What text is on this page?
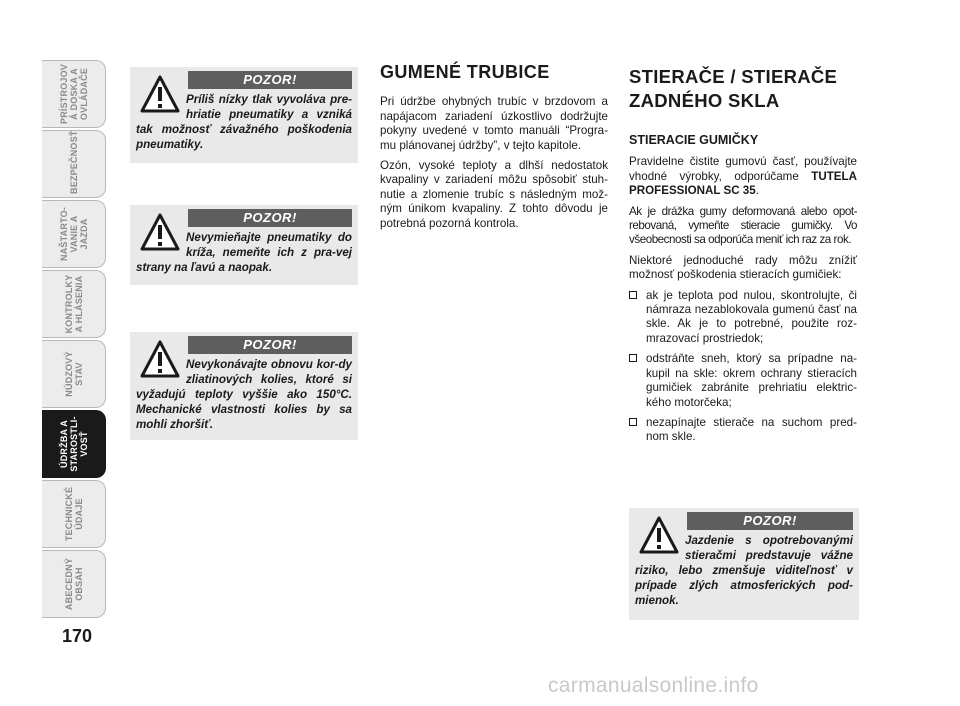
PRÍSTROJOV
Á DOSKA A
OVLÁDAČE
BEZPEČNOSŤ
NAŠTARTO-
VANIE A
JAZDA
KONTROLKY
A HLÁSENIA
NÚDZOVÝ
STAV
ÚDRŽBA A
STAROSTLI-
VOSŤ
TECHNICKÉ
ÚDAJE
ABECEDNÝ
OBSAH
170
POZOR!
Príliš nízky tlak vyvoláva pre-hriatie pneumatiky a vzniká tak možnosť závažného poškodenia pneumatiky.
POZOR!
Nevymieňajte pneumatiky do kríža, nemeňte ich z pra-vej strany na ľavú a naopak.
POZOR!
Nevykonávajte obnovu kor-dy zliatinových kolies, ktoré si vyžadujú teploty vyššie ako 150°C. Mechanické vlastnosti kolies by sa mohli zhoršiť.
GUMENÉ TRUBICE

Pri údržbe ohybných trubíc v brzdovom a napájacom zariadení úzkostlivo dodržujte pokyny uvedené v tomto manuáli “Progra-mu plánovanej údržby”, v tejto kapitole.

Ozón, vysoké teploty a dlhší nedostatok kvapaliny v zariadení môžu spôsobiť stuh-nutie a zlomenie trubíc s následným mož-ným únikom kvapaliny. Z tohto dôvodu je potrebná pozorná kontrola.

STIERAČE / STIERAČE
ZADNÉHO SKLA
STIERACIE GUMIČKY

Pravidelne čistite gumovú časť, používajte vhodné výrobky, odporúčame TUTELA PROFESSIONAL SC 35.

Ak je drážka gumy deformovaná alebo opot-rebovaná, vymeňte stieracie gumičky. Vo všeobecnosti sa odporúča meniť ich raz za rok.

Niektoré jednoduché rady môžu znížiť možnosť poškodenia stieracích gumičiek:

ak je teplota pod nulou, skontrolujte, či námraza nezablokovala gumenú časť na skle. Ak je to potrebné, použite roz-mrazovací prostriedok;
odstráňte sneh, ktorý sa prípadne na-kupil na skle: okrem ochrany stieracích gumičiek zabránite prehriatiu elektric-kého motorčeka;
nezapínajte stierače na suchom pred-nom skle.
POZOR!
Jazdenie s opotrebovanými stieračmi predstavuje vážne riziko, lebo zmenšuje viditeľnosť v prípade zlých atmosferických pod-mienok.
carmanualsonline.info
